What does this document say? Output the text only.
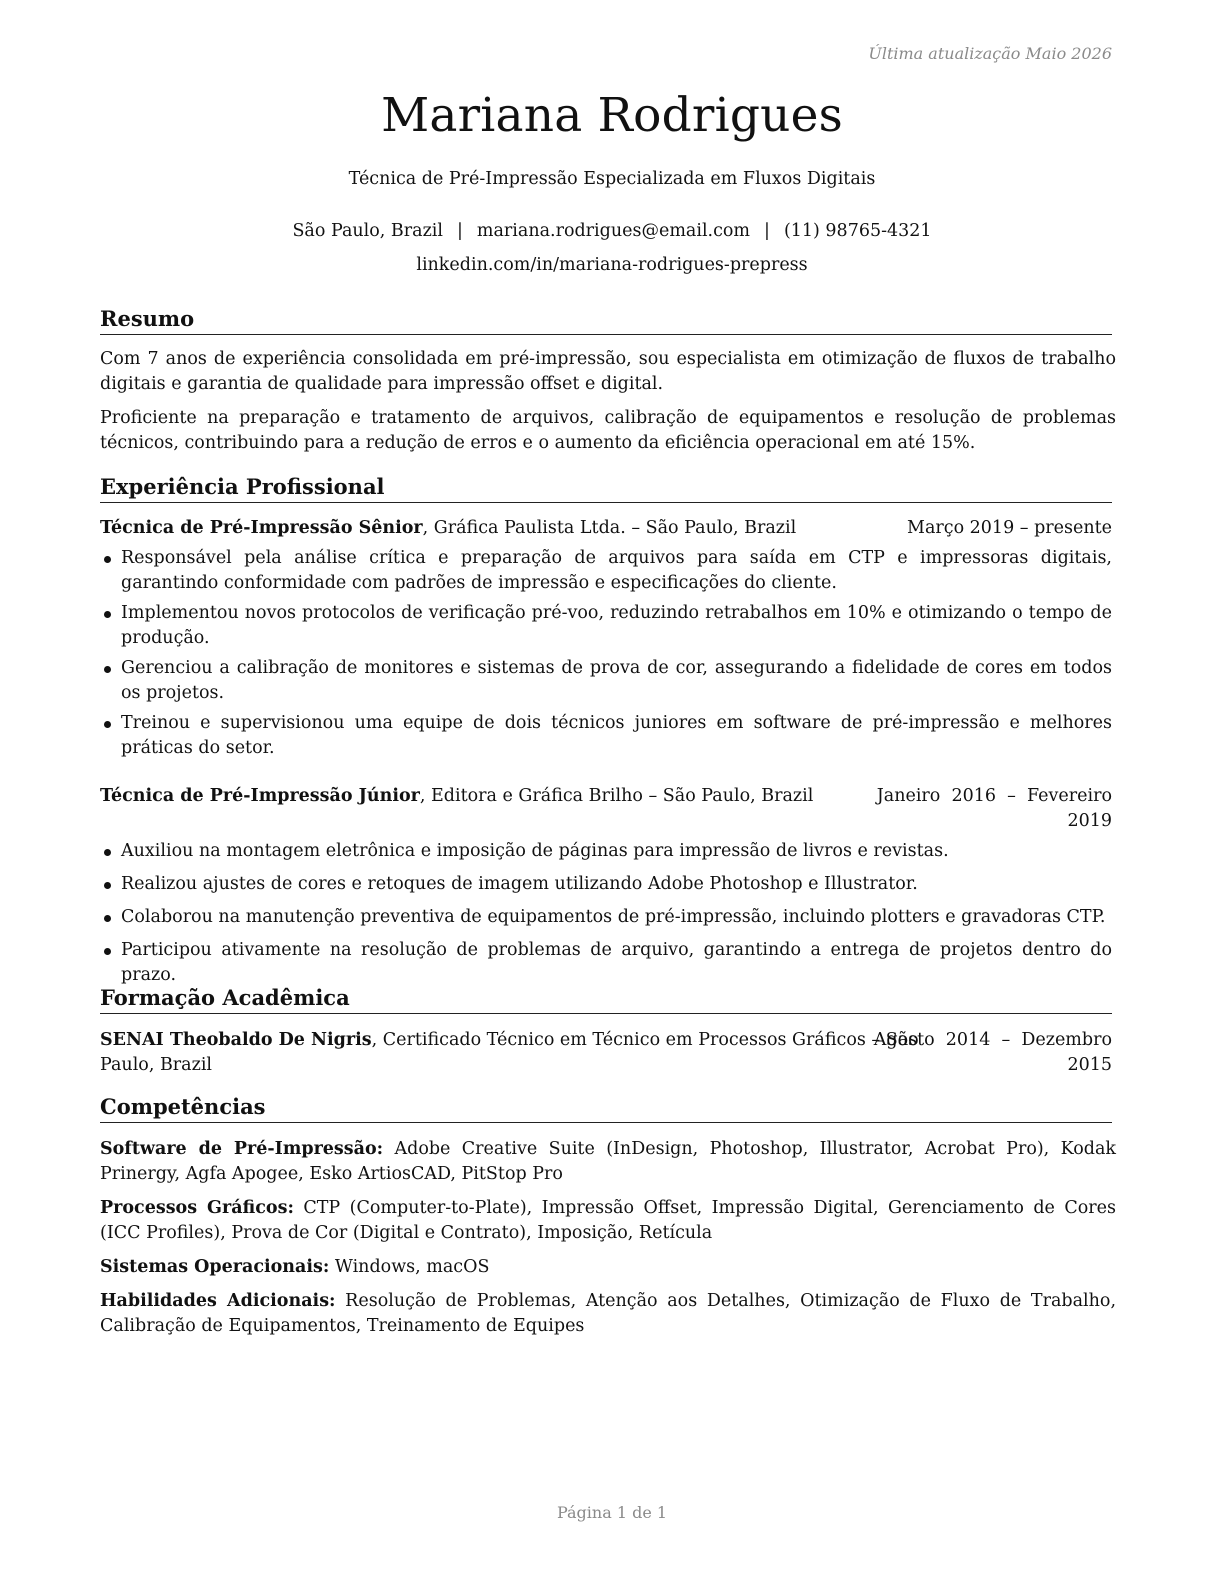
Última atualização Maio 2026
Mariana Rodrigues
Técnica de Pré-Impressão Especializada em Fluxos Digitais
São Paulo, Brazil | mariana.rodrigues@email.com | (11) 98765-4321
linkedin.com/in/mariana-rodrigues-prepress
Resumo

Com 7 anos de experiência consolidada em pré-impressão, sou especialista em otimização de fluxos de trabalho digitais e garantia de qualidade para impressão offset e digital.

Proficiente na preparação e tratamento de arquivos, calibração de equipamentos e resolução de problemas técnicos, contribuindo para a redução de erros e o aumento da eficiência operacional em até 15%.

Experiência Profissional
Técnica de Pré-Impressão Sênior, Gráfica Paulista Ltda. – São Paulo, Brazil	Março 2019 – presente
Responsável pela análise crítica e preparação de arquivos para saída em CTP e impressoras digitais, garantindo conformidade com padrões de impressão e especificações do cliente.
Implementou novos protocolos de verificação pré-voo, reduzindo retrabalhos em 10% e otimizando o tempo de produção.
Gerenciou a calibração de monitores e sistemas de prova de cor, assegurando a fidelidade de cores em todos os projetos.
Treinou e supervisionou uma equipe de dois técnicos juniores em software de pré-impressão e melhores práticas do setor.
Técnica de Pré-Impressão Júnior, Editora e Gráfica Brilho – São Paulo, Brazil	Janeiro  2016  –  Fevereiro
2019
Auxiliou na montagem eletrônica e imposição de páginas para impressão de livros e revistas.
Realizou ajustes de cores e retoques de imagem utilizando Adobe Photoshop e Illustrator.
Colaborou na manutenção preventiva de equipamentos de pré-impressão, incluindo plotters e gravadoras CTP.
Participou ativamente na resolução de problemas de arquivo, garantindo a entrega de projetos dentro do prazo.
Formação Acadêmica
SENAI Theobaldo De Nigris, Certificado Técnico em Técnico em Processos Gráficos – São
Paulo, Brazil
Agosto  2014  –  Dezembro
2015
Competências

Software de Pré-Impressão: Adobe Creative Suite (InDesign, Photoshop, Illustrator, Acrobat Pro), Kodak Prinergy, Agfa Apogee, Esko ArtiosCAD, PitStop Pro

Processos Gráficos: CTP (Computer-to-Plate), Impressão Offset, Impressão Digital, Gerenciamento de Cores (ICC Profiles), Prova de Cor (Digital e Contrato), Imposição, Retícula

Sistemas Operacionais: Windows, macOS

Habilidades Adicionais: Resolução de Problemas, Atenção aos Detalhes, Otimização de Fluxo de Trabalho, Calibração de Equipamentos, Treinamento de Equipes

Página 1 de 1
